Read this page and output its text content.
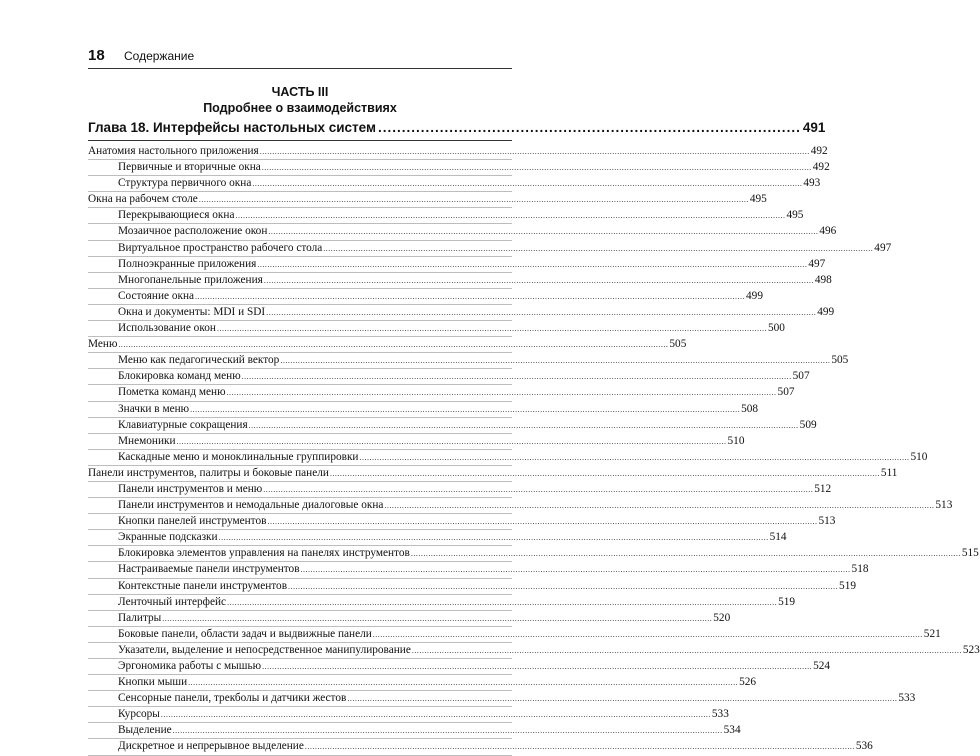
18 Содержание
ЧАСТЬ III
Подробнее о взаимодействиях
Глава 18. Интерфейсы настольных систем ......................................................................................... 491
Анатомия настольного приложения ............................................................................................................................................................................................................................ 492
Первичные и вторичные окна ............................................................................................................................................................................................................................ 492
Структура первичного окна ............................................................................................................................................................................................................................ 493
Окна на рабочем столе ............................................................................................................................................................................................................................ 495
Перекрывающиеся окна ............................................................................................................................................................................................................................ 495
Мозаичное расположение окон ............................................................................................................................................................................................................................ 496
Виртуальное пространство рабочего стола ............................................................................................................................................................................................................................ 497
Полноэкранные приложения ............................................................................................................................................................................................................................ 497
Многопанельные приложения ............................................................................................................................................................................................................................ 498
Состояние окна ............................................................................................................................................................................................................................ 499
Окна и документы: MDI и SDI ............................................................................................................................................................................................................................ 499
Использование окон ............................................................................................................................................................................................................................ 500
Меню ............................................................................................................................................................................................................................ 505
Меню как педагогический вектор ............................................................................................................................................................................................................................ 505
Блокировка команд меню ............................................................................................................................................................................................................................ 507
Пометка команд меню ............................................................................................................................................................................................................................ 507
Значки в меню ............................................................................................................................................................................................................................ 508
Клавиатурные сокращения ............................................................................................................................................................................................................................ 509
Мнемоники ............................................................................................................................................................................................................................ 510
Каскадные меню и моноклинальные группировки ............................................................................................................................................................................................................................ 510
Панели инструментов, палитры и боковые панели ............................................................................................................................................................................................................................ 511
Панели инструментов и меню ............................................................................................................................................................................................................................ 512
Панели инструментов и немодальные диалоговые окна ............................................................................................................................................................................................................................ 513
Кнопки панелей инструментов ............................................................................................................................................................................................................................ 513
Экранные подсказки ............................................................................................................................................................................................................................ 514
Блокировка элементов управления на панелях инструментов ............................................................................................................................................................................................................................ 515
Настраиваемые панели инструментов ............................................................................................................................................................................................................................ 518
Контекстные панели инструментов ............................................................................................................................................................................................................................ 519
Ленточный интерфейс ............................................................................................................................................................................................................................ 519
Палитры ............................................................................................................................................................................................................................ 520
Боковые панели, области задач и выдвижные панели ............................................................................................................................................................................................................................ 521
Указатели, выделение и непосредственное манипулирование ............................................................................................................................................................................................................................ 523
Эргономика работы с мышью ............................................................................................................................................................................................................................ 524
Кнопки мыши ............................................................................................................................................................................................................................ 526
Сенсорные панели, трекболы и датчики жестов ............................................................................................................................................................................................................................ 533
Курсоры ............................................................................................................................................................................................................................ 533
Выделение ............................................................................................................................................................................................................................ 534
Дискретное и непрерывное выделение ............................................................................................................................................................................................................................ 536
